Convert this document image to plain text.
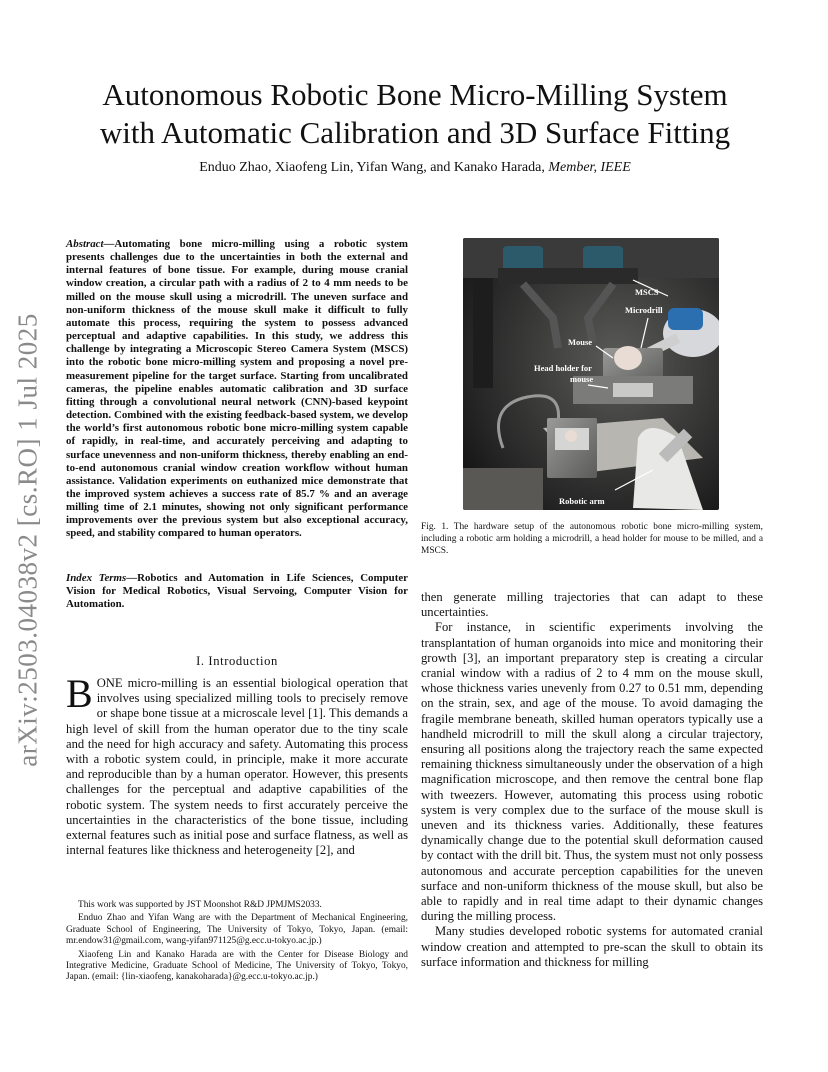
arXiv:2503.04038v2 [cs.RO] 1 Jul 2025
Autonomous Robotic Bone Micro-Milling System
with Automatic Calibration and 3D Surface Fitting
Enduo Zhao, Xiaofeng Lin, Yifan Wang, and Kanako Harada, Member, IEEE
Abstract—Automating bone micro-milling using a robotic system presents challenges due to the uncertainties in both the external and internal features of bone tissue. For example, during mouse cranial window creation, a circular path with a radius of 2 to 4 mm needs to be milled on the mouse skull using a microdrill. The uneven surface and non-uniform thickness of the mouse skull make it difficult to fully automate this process, requiring the system to possess advanced perceptual and adaptive capabilities. In this study, we address this challenge by integrating a Microscopic Stereo Camera System (MSCS) into the robotic bone micro-milling system and proposing a novel pre-measurement pipeline for the target surface. Starting from uncalibrated cameras, the pipeline enables automatic calibration and 3D surface fitting through a convolutional neural network (CNN)-based keypoint detection. Combined with the existing feedback-based system, we develop the world’s first autonomous robotic bone micro-milling system capable of rapidly, in real-time, and accurately perceiving and adapting to surface unevenness and non-uniform thickness, thereby enabling an end-to-end autonomous cranial window creation workflow without human assistance. Validation experiments on euthanized mice demonstrate that the improved system achieves a success rate of 85.7 % and an average milling time of 2.1 minutes, showing not only significant performance improvements over the previous system but also exceptional accuracy, speed, and stability compared to human operators.
Index Terms—Robotics and Automation in Life Sciences, Computer Vision for Medical Robotics, Visual Servoing, Computer Vision for Automation.
I. Introduction
BONE micro-milling is an essential biological operation that involves using specialized milling tools to precisely remove or shape bone tissue at a microscale level [1]. This demands a high level of skill from the human operator due to the tiny scale and the need for high accuracy and safety. Automating this process with a robotic system could, in principle, make it more accurate and reproducible than by a human operator. However, this presents challenges for the perceptual and adaptive capabilities of the robotic system. The system needs to first accurately perceive the uncertainties in the characteristics of the bone tissue, including external features such as initial pose and surface flatness, as well as internal features like thickness and heterogeneity [2], and

This work was supported by JST Moonshot R&D JPMJMS2033.

Enduo Zhao and Yifan Wang are with the Department of Mechanical Engineering, Graduate School of Engineering, The University of Tokyo, Tokyo, Japan. (email: mr.endow31@gmail.com, wang-yifan971125@g.ecc.u-tokyo.ac.jp.)

Xiaofeng Lin and Kanako Harada are with the Center for Disease Biology and Integrative Medicine, Graduate School of Medicine, The University of Tokyo, Tokyo, Japan. (email: {lin-xiaofeng, kanakoharada}@g.ecc.u-tokyo.ac.jp.)

MSCS
Microdrill
Mouse
Head holder for
mouse
Robotic arm
Fig. 1. The hardware setup of the autonomous robotic bone micro-milling system, including a robotic arm holding a microdrill, a head holder for mouse to be milled, and a MSCS.

then generate milling trajectories that can adapt to these uncertainties.

For instance, in scientific experiments involving the transplantation of human organoids into mice and monitoring their growth [3], an important preparatory step is creating a circular cranial window with a radius of 2 to 4 mm on the mouse skull, whose thickness varies unevenly from 0.27 to 0.51 mm, depending on the strain, sex, and age of the mouse. To avoid damaging the fragile membrane beneath, skilled human operators typically use a handheld microdrill to mill the skull along a circular trajectory, ensuring all positions along the trajectory reach the same expected remaining thickness simultaneously under the observation of a high magnification microscope, and then remove the central bone flap with tweezers. However, automating this process using robotic system is very complex due to the surface of the mouse skull is uneven and its thickness varies. Additionally, these features dynamically change due to the potential skull deformation caused by contact with the drill bit. Thus, the system must not only possess autonomous and accurate perception capabilities for the uneven surface and non-uniform thickness of the mouse skull, but also be able to rapidly and in real time adapt to their dynamic changes during the milling process.

Many studies developed robotic systems for automated cranial window creation and attempted to pre-scan the skull to obtain its surface information and thickness for milling
